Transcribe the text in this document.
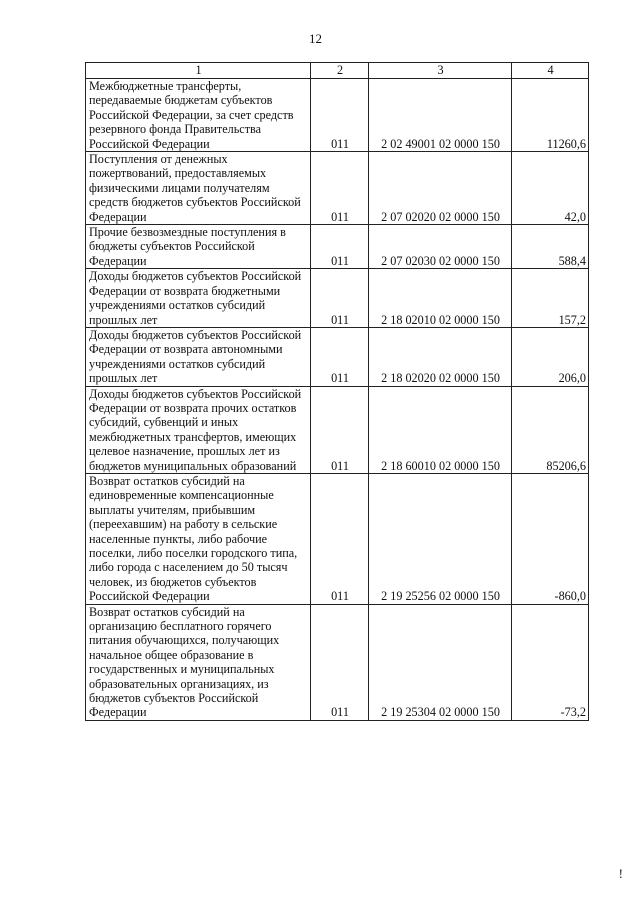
12
1	2	3	4
Межбюджетные трансферты, передаваемые бюджетам субъектов Российской Федерации, за счет средств резервного фонда Правительства Российской Федерации	011	2 02 49001 02 0000 150	11260,6
Поступления от денежных пожертвований, предоставляемых физическими лицами получателям средств бюджетов субъектов Российской Федерации	011	2 07 02020 02 0000 150	42,0
Прочие безвозмездные поступления в бюджеты субъектов Российской Федерации	011	2 07 02030 02 0000 150	588,4
Доходы бюджетов субъектов Российской Федерации от возврата бюджетными учреждениями остатков субсидий прошлых лет	011	2 18 02010 02 0000 150	157,2
Доходы бюджетов субъектов Российской Федерации от возврата автономными учреждениями остатков субсидий прошлых лет	011	2 18 02020 02 0000 150	206,0
Доходы бюджетов субъектов Российской Федерации от возврата прочих остатков субсидий, субвенций и иных межбюджетных трансфертов, имеющих целевое назначение, прошлых лет из бюджетов муниципальных образований	011	2 18 60010 02 0000 150	85206,6
Возврат остатков субсидий на единовременные компенсационные выплаты учителям, прибывшим (переехавшим) на работу в сельские населенные пункты, либо рабочие поселки, либо поселки городского типа, либо города с населением до 50 тысяч человек, из бюджетов субъектов Российской Федерации	011	2 19 25256 02 0000 150	-860,0
Возврат остатков субсидий на организацию бесплатного горячего питания обучающихся, получающих начальное общее образование в государственных и муниципальных образовательных организациях, из бюджетов субъектов Российской Федерации	011	2 19 25304 02 0000 150	-73,2
!
